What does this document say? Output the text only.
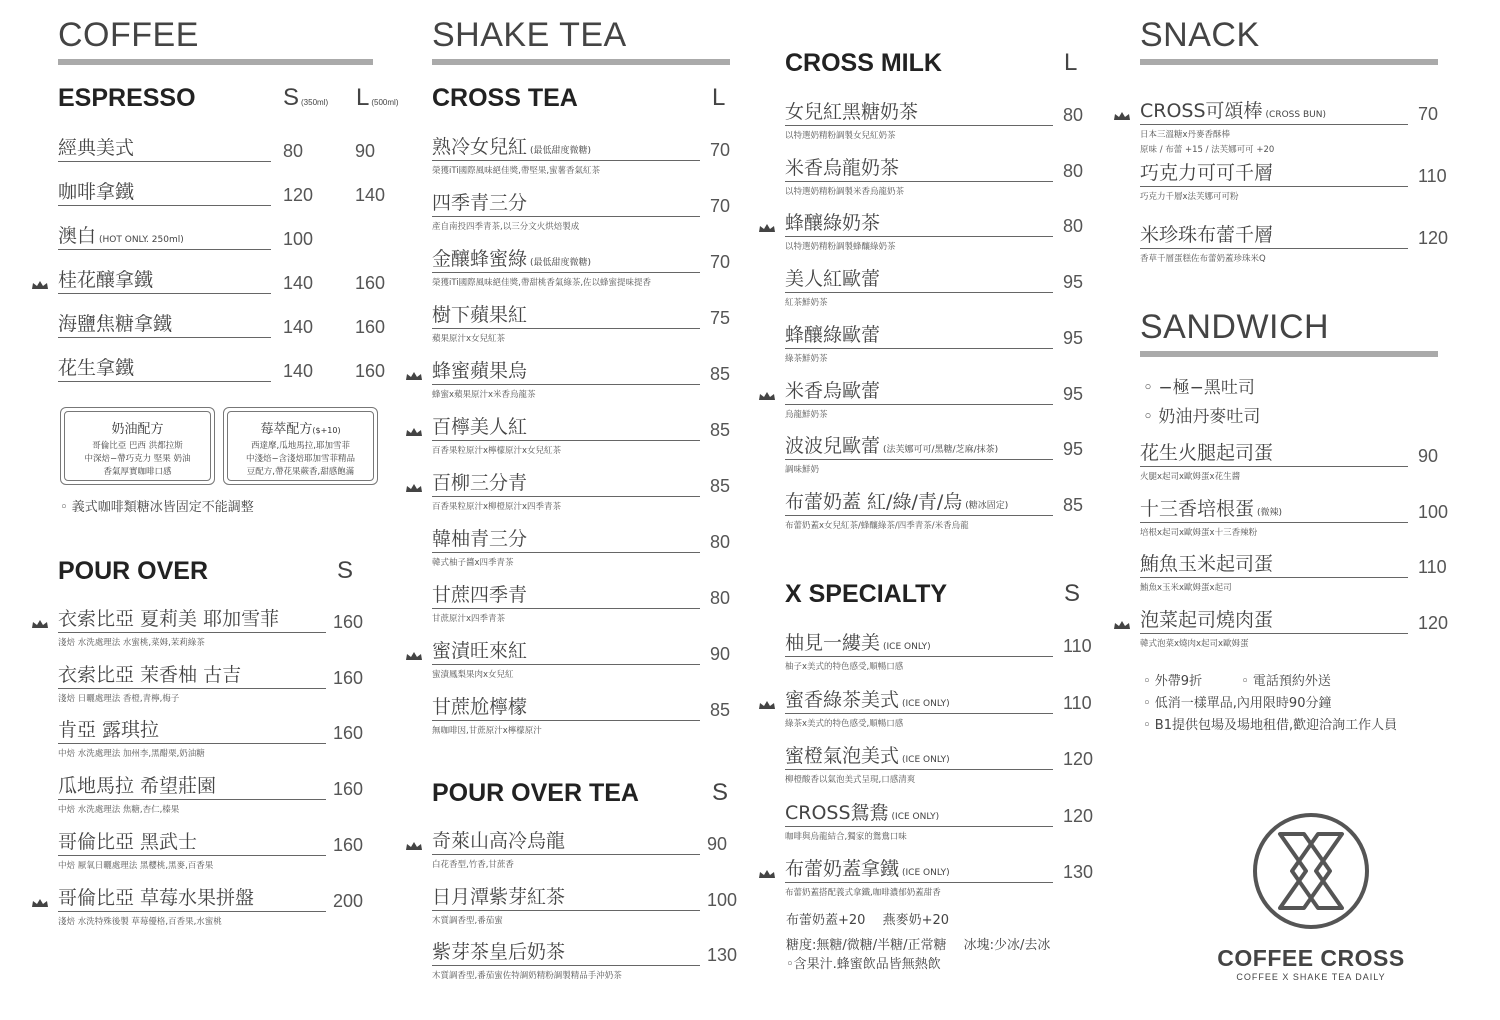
COFFEE
ESPRESSO	S (350ml) L (500ml)
經典美式	80	90
咖啡拿鐵	120 140
澳白 (HOT ONLY. 250ml)	100
桂花釀拿鐵	140 160
海鹽焦糖拿鐵	140 160
花生拿鐵	140 160
奶油配方
哥倫比亞 巴西 洪都拉斯
中深焙−帶巧克力 堅果 奶油
香氣厚實咖啡口感
莓萃配方($+10)
西達摩,瓜地馬拉,耶加雪菲
中淺焙−含淺焙耶加雪菲精品
豆配方,帶花果蕨香,甜感飽滿
◦ 義式咖啡類糖冰皆固定不能調整
POUR OVER	S
衣索比亞 夏莉美 耶加雪菲
淺焙 水洗處理法 水蜜桃,菜姆,茉莉綠茶
160
衣索比亞 茉香柚 古吉
淺焙 日曬處理法 香橙,青檸,梅子
160
肯亞 露琪拉
中焙 水洗處理法 加州李,黑醋栗,奶油糖
160
瓜地馬拉 希望莊園
中焙 水洗處理法 焦糖,杏仁,榛果
160
哥倫比亞 黑武士
中焙 厭氧日曬處理法 黑櫻桃,黑麥,百香果
160
哥倫比亞 草莓水果拼盤
淺焙 水洗特殊後製 草莓優格,百香果,水蜜桃
200
SHAKE TEA
CROSS TEA	L
熟冷女兒紅 (最低甜度微糖)
榮獲iTi國際風味絕佳獎,帶堅果,蜜薯香氣紅茶
70
四季青三分
產自南投四季青茶,以三分文火烘焙製成
70
金釀蜂蜜綠 (最低甜度微糖)
榮獲iTi國際風味絕佳獎,帶甜桃香氣綠茶,佐以蜂蜜提味提香
70
樹下蘋果紅
蘋果原汁x女兒紅茶
75
蜂蜜蘋果烏
蜂蜜x蘋果原汁x米香烏龍茶
85
百檸美人紅
百香果粒原汁x檸檬原汁x女兒紅茶
85
百柳三分青
百香果粒原汁x柳橙原汁x四季青茶
85
韓柚青三分
韓式柚子醬x四季青茶
80
甘蔗四季青
甘蔗原汁x四季青茶
80
蜜漬旺來紅
蜜漬鳳梨果肉x女兒紅
90
甘蔗尬檸檬
無咖啡因,甘蔗原汁x檸檬原汁
85
POUR OVER TEA	S
奇萊山高冷烏龍
白花香型,竹香,甘蔗香
90
日月潭紫芽紅茶
木質調香型,番茄蜜
100
紫芽茶皇后奶茶
木質調香型,番茄蜜佐特調奶精粉調製精品手沖奶茶
130
CROSS MILK	L
女兒紅黑糖奶茶
以特選奶精粉調製女兒紅奶茶
80
米香烏龍奶茶
以特選奶精粉調製米香烏龍奶茶
80
蜂釀綠奶茶
以特選奶精粉調製蜂釀綠奶茶
80
美人紅歐蕾
紅茶鮮奶茶
95
蜂釀綠歐蕾
綠茶鮮奶茶
95
米香烏歐蕾
烏龍鮮奶茶
95
波波兒歐蕾 (法芙娜可可/黑糖/芝麻/抹茶)
調味鮮奶
95
布蕾奶蓋 紅/綠/青/烏 (糖冰固定)
布蕾奶蓋x女兒紅茶/蜂釀綠茶/四季青茶/米香烏龍
85
X SPECIALTY	S
柚見一縷美 (ICE ONLY)
柚子x美式的特色感受,順暢口感
110
蜜香綠茶美式 (ICE ONLY)
綠茶x美式的特色感受,順暢口感
110
蜜橙氣泡美式 (ICE ONLY)
柳橙酸香以氣泡美式呈現,口感清爽
120
CROSS鴛鴦 (ICE ONLY)
咖啡與烏龍結合,獨家的鴛鴦口味
120
布蕾奶蓋拿鐵 (ICE ONLY)
布蕾奶蓋搭配義式拿鐵,咖啡濃郁奶蓋甜香
130
布蕾奶蓋+20　 燕麥奶+20
糖度:無糖/微糖/半糖/正常糖　 冰塊:少冰/去冰
◦含果汁.蜂蜜飲品皆無熱飲
SNACK
CROSS可頌棒 (CROSS BUN)
日本三溫糖x丹麥香酥棒
原味 / 布蕾 +15 / 法芙娜可可 +20
70
巧克力可可千層
巧克力千層x法芙娜可可粉
110
米珍珠布蕾千層
香草千層蛋糕佐布蕾奶蓋珍珠米Q
120
SANDWICH
◦ −極−黑吐司
◦ 奶油丹麥吐司
花生火腿起司蛋
火腿x起司x歐姆蛋x花生醬
90
十三香培根蛋 (微辣)
培根x起司x歐姆蛋x十三香辣粉
100
鮪魚玉米起司蛋
鮪魚x玉米x歐姆蛋x起司
110
泡菜起司燒肉蛋
韓式泡菜x燒肉x起司x歐姆蛋
120
◦ 外帶9折　　　◦ 電話預約外送
◦ 低消一樣單品,內用限時90分鐘
◦ B1提供包場及場地租借,歡迎洽詢工作人員
COFFEE CROSS
COFFEE X SHAKE TEA DAILY
